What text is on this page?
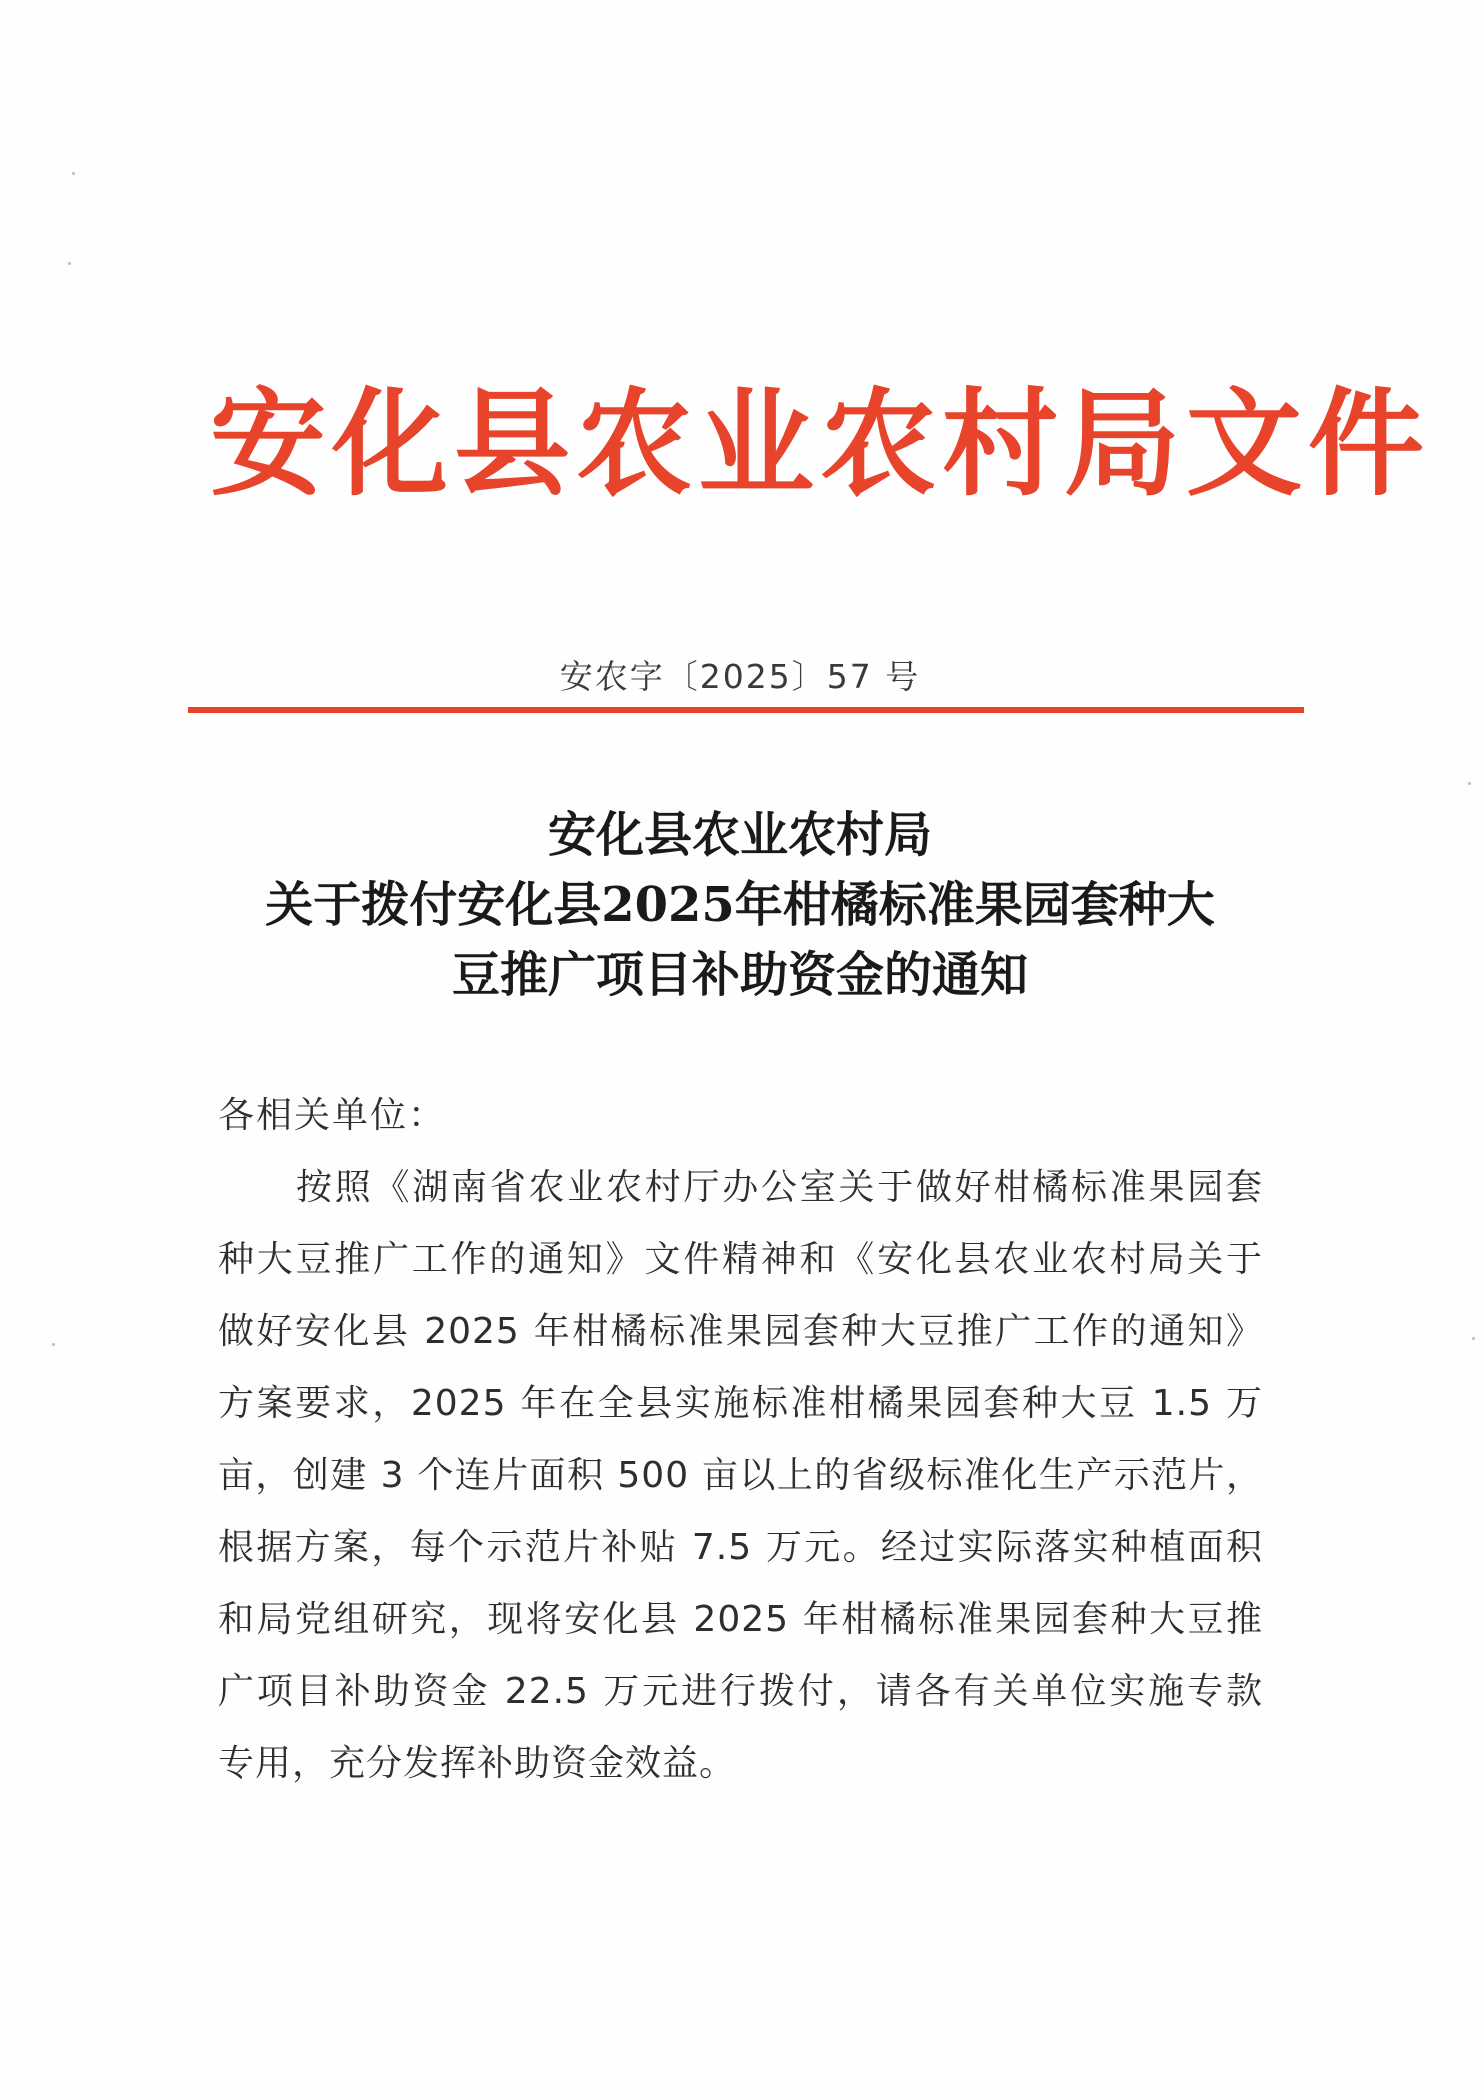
安化县农业农村局文件
安农字〔2025〕57 号
安化县农业农村局
关于拨付安化县2025年柑橘标准果园套种大
豆推广项目补助资金的通知
各相关单位：
按照《湖南省农业农村厅办公室关于做好柑橘标准果园套
种大豆推广工作的通知》文件精神和《安化县农业农村局关于
做好安化县 2025 年柑橘标准果园套种大豆推广工作的通知》
方案要求，2025 年在全县实施标准柑橘果园套种大豆 1.5 万
亩，创建 3 个连片面积 500 亩以上的省级标准化生产示范片，
根据方案，每个示范片补贴 7.5 万元。经过实际落实种植面积
和局党组研究，现将安化县 2025 年柑橘标准果园套种大豆推
广项目补助资金 22.5 万元进行拨付，请各有关单位实施专款
专用，充分发挥补助资金效益。
